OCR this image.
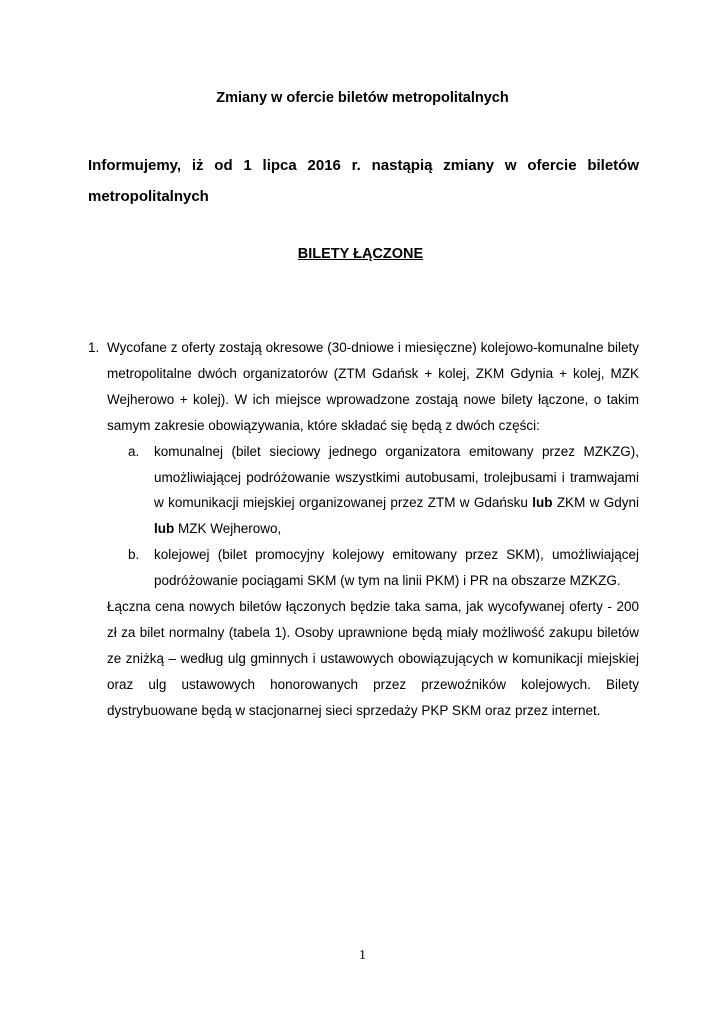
Zmiany w ofercie biletów metropolitalnych
Informujemy, iż od 1 lipca 2016 r. nastąpią zmiany w ofercie biletów metropolitalnych
BILETY ŁĄCZONE
1. Wycofane z oferty zostają okresowe (30-dniowe i miesięczne) kolejowo-komunalne bilety metropolitalne dwóch organizatorów (ZTM Gdańsk + kolej, ZKM Gdynia + kolej, MZK Wejherowo + kolej). W ich miejsce wprowadzone zostają nowe bilety łączone, o takim samym zakresie obowiązywania, które składać się będą z dwóch części:
a. komunalnej (bilet sieciowy jednego organizatora emitowany przez MZKZG), umożliwiającej podróżowanie wszystkimi autobusami, trolejbusami i tramwajami w komunikacji miejskiej organizowanej przez ZTM w Gdańsku lub ZKM w Gdyni lub MZK Wejherowo,
b. kolejowej (bilet promocyjny kolejowy emitowany przez SKM), umożliwiającej podróżowanie pociągami SKM (w tym na linii PKM) i PR na obszarze MZKZG.
Łączna cena nowych biletów łączonych będzie taka sama, jak wycofywanej oferty - 200 zł za bilet normalny (tabela 1). Osoby uprawnione będą miały możliwość zakupu biletów ze zniżką – według ulg gminnych i ustawowych obowiązujących w komunikacji miejskiej oraz ulg ustawowych honorowanych przez przewoźników kolejowych. Bilety dystrybuowane będą w stacjonarnej sieci sprzedaży PKP SKM oraz przez internet.
1
